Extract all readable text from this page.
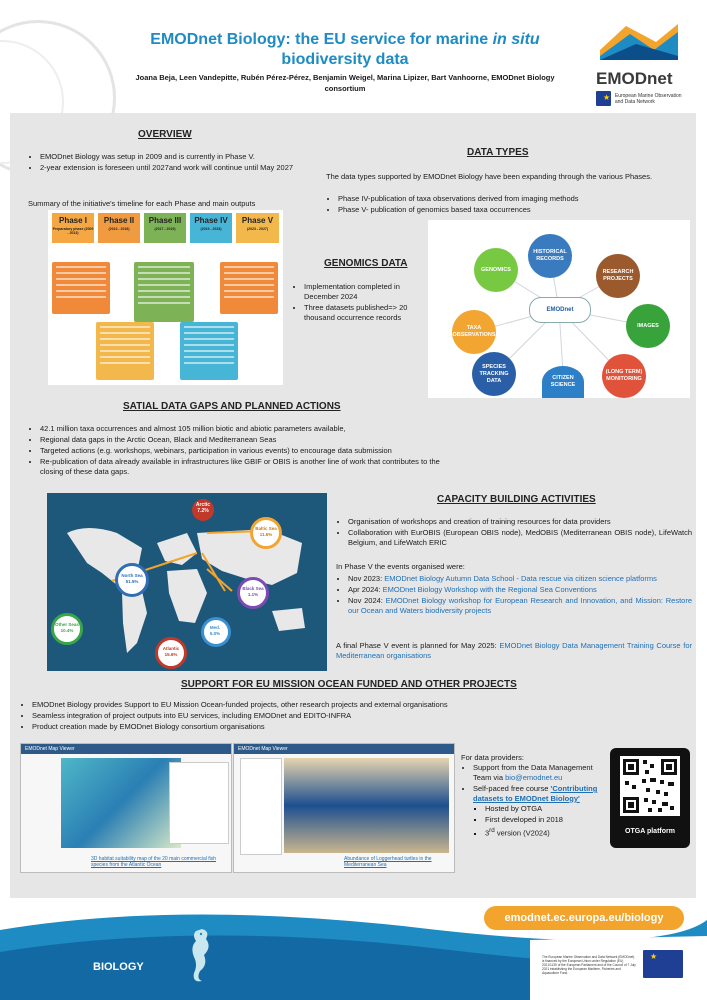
EMODnet Biology: the EU service for marine in situ
biodiversity data
Joana Beja, Leen Vandepitte, Rubén Pérez-Pérez, Benjamin Weigel, Marina Lipizer, Bart Vanhoorne, EMODnet Biology consortium
EMODnet
★
European Marine Observation and Data Network
OVERVIEW
• EMODnet Biology was setup in 2009 and is currently in Phase V.
• 2-year extension is foreseen until 2027and work will continue until May 2027
Summary of the initiative's timeline for each Phase and main outputs
Phase I
Preparatory phase (2009 - 2013)
Phase II
(2013 - 2016)
Phase III
(2017 - 2019)
Phase IV
(2019 - 2023)
Phase V
(2023 - 2027)
DATA TYPES
The data types supported by EMODnet Biology have been expanding through the various Phases.
• Phase IV-publication of taxa observations derived from imaging methods
• Phase V- publication of genomics based taxa occurrences
GENOMICS
HISTORICAL RECORDS
RESEARCH PROJECTS
IMAGES
(LONG TERM) MONITORING
CITIZEN SCIENCE
SPECIES TRACKING DATA
TAXA OBSERVATIONS
EMODnet
GENOMICS DATA
• Implementation completed in December 2024
• Three datasets published=> 20 thousand occurrence records
SATIAL DATA GAPS AND PLANNED ACTIONS
• 42.1 million taxa occurrences and almost 105 million biotic and abiotic parameters available,
• Regional data gaps in the Arctic Ocean, Black and Mediterranean Seas
• Targeted actions (e.g. workshops, webinars, participation in various events) to encourage data submission
• Re-publication of data already available in infrastructures like GBIF or OBIS is another line of work that contributes to the closing of these data gaps.
Arctic
7.2%
Baltic Sea
11.6%
North Sea
51.5%
Black Sea
1.1%
Other Seas
10.4%
Med.
5.0%
Atlantic
15.6%
CAPACITY BUILDING ACTIVITIES
• Organisation of workshops and creation of training resources for data providers
• Collaboration with EurOBIS (European OBIS node), MedOBIS (Mediterranean OBIS node), LifeWatch Belgium, and LifeWatch ERIC
In Phase V the events organised were:
• Nov 2023: EMODnet Biology Autumn Data School - Data rescue via citizen science platforms
• Apr 2024: EMODnet Biology Workshop with the Regional Sea Conventions
• Nov 2024: EMODnet Biology workshop for European Research and Innovation, and Mission: Restore our Ocean and Waters biodiversity projects
A final Phase V event is planned for May 2025: EMODnet Biology Data Management Training Course for Mediterranean organisations
SUPPORT FOR EU MISSION OCEAN FUNDED AND OTHER PROJECTS
• EMODnet Biology provides Support to EU Mission Ocean-funded projects, other research projects and external organisations
• Seamless integration of project outputs into EU services, including EMODnet and EDITO-INFRA
• Product creation made by EMODnet Biology consortium organisations
EMODnet Map Viewer
3D habitat suitability map of the 20 main commercial fish species from the Atlantic Ocean
EMODnet Map Viewer
Abundance of Loggerhead turtles in the Mediterranean Sea
For data providers:
• Support from the Data Management Team via bio@emodnet.eu
• Self-paced free course 'Contributing datasets to EMODnet Biology'
▪ Hosted by OTGA
▪ First developed in 2018
▪ 3rd version (V2024)	OTGA platform
emodnet.ec.europa.eu/biology
BIOLOGY
The European Marine Observation and Data Network (EMODnet) is financed by the European Union under Regulation (EU) 2021/1139 of the European Parliament and of the Council of 7 July 2021 establishing the European Maritime, Fisheries and Aquaculture Fund.
★
